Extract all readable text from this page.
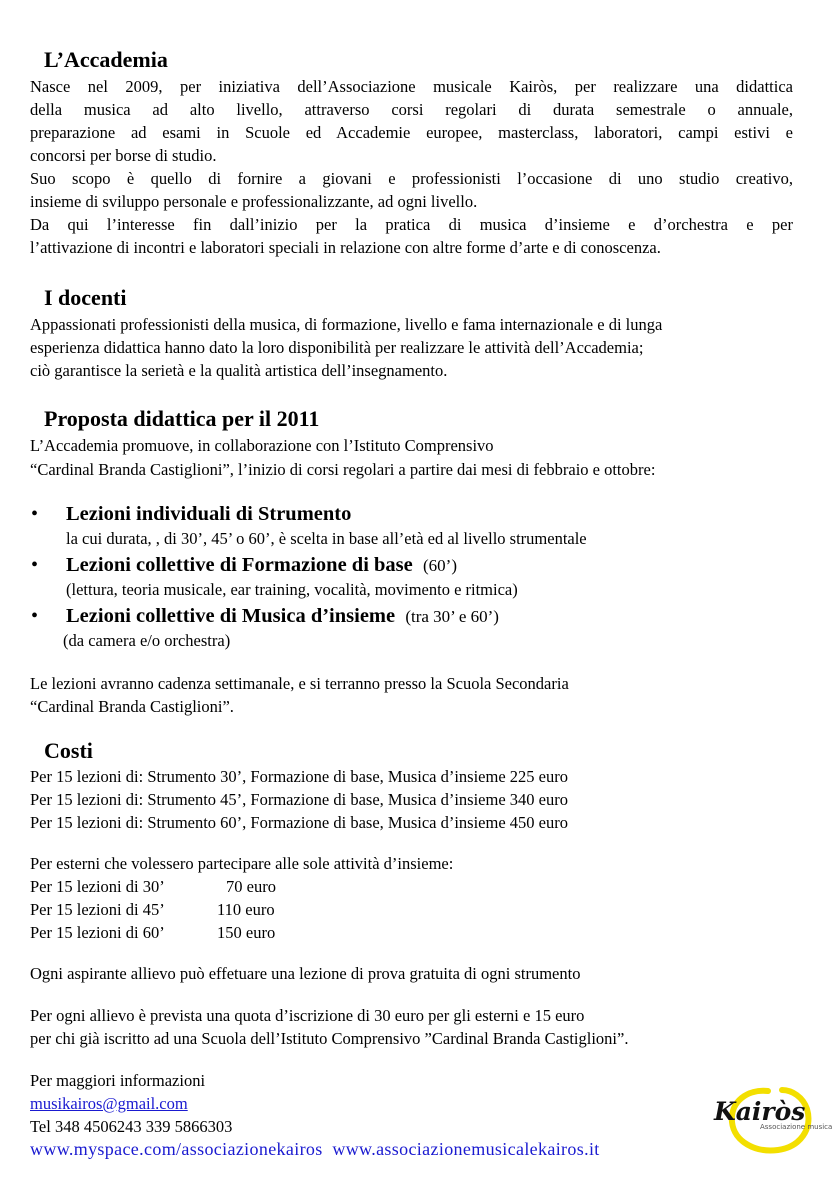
L’Accademia
Nasce nel 2009, per iniziativa dell’Associazione musicale Kairòs, per realizzare una didattica
della musica ad alto livello, attraverso corsi regolari di durata semestrale o annuale,
preparazione ad esami in Scuole ed Accademie europee, masterclass, laboratori, campi estivi e
concorsi per borse di studio.
Suo scopo è quello di fornire a giovani e professionisti l’occasione di uno studio creativo,
insieme di sviluppo personale e professionalizzante, ad ogni livello.
Da qui l’interesse fin dall’inizio per la pratica di musica d’insieme e d’orchestra e per
l’attivazione di incontri e laboratori speciali in relazione con altre forme d’arte e di conoscenza.
I docenti
Appassionati professionisti della musica, di formazione, livello e fama internazionale e di lunga
esperienza didattica hanno dato la loro disponibilità per realizzare le attività dell’Accademia;
ciò garantisce la serietà e la qualità artistica dell’insegnamento.
Proposta didattica per il 2011
L’Accademia promuove, in collaborazione con l’Istituto Comprensivo
“Cardinal Branda Castiglioni”, l’inizio di corsi regolari a partire dai mesi di febbraio e ottobre:
• Lezioni individuali di Strumento
la cui durata, , di 30’, 45’ o 60’, è scelta in base all’età ed al livello strumentale
• Lezioni collettive di Formazione di base (60’)
(lettura, teoria musicale, ear training, vocalità, movimento e ritmica)
• Lezioni collettive di Musica d’insieme (tra 30’ e 60’)
(da camera e/o orchestra)
Le lezioni avranno cadenza settimanale, e si terranno presso la Scuola Secondaria
“Cardinal Branda Castiglioni”.
Costi
Per 15 lezioni di: Strumento 30’, Formazione di base, Musica d’insieme 225 euro
Per 15 lezioni di: Strumento 45’, Formazione di base, Musica d’insieme 340 euro
Per 15 lezioni di: Strumento 60’, Formazione di base, Musica d’insieme 450 euro
Per esterni che volessero partecipare alle sole attività d’insieme:
Per 15 lezioni di 30’	70 euro
Per 15 lezioni di 45’	110 euro
Per 15 lezioni di 60’	150 euro
Ogni aspirante allievo può effetuare una lezione di prova gratuita di ogni strumento
Per ogni allievo è prevista una quota d’iscrizione di 30 euro per gli esterni e 15 euro
per chi già iscritto ad una Scuola dell’Istituto Comprensivo ”Cardinal Branda Castiglioni”.
Per maggiori informazioni
musikairos@gmail.com
Tel 348 4506243 339 5866303
www.myspace.com/associazionekairos www.associazionemusicalekairos.it
Kairòs
Associazione musicale
